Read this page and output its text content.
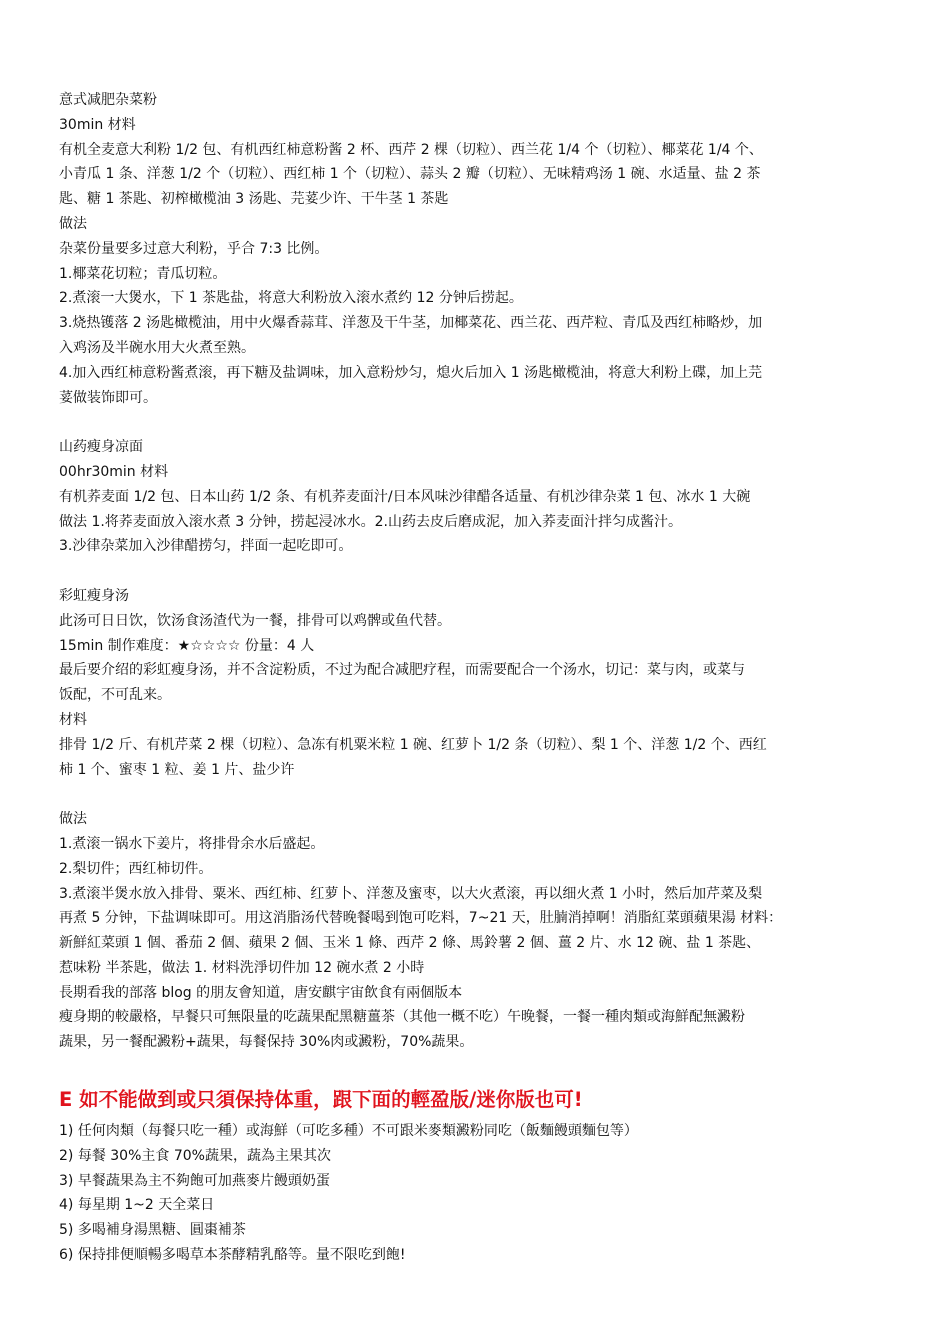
意式减肥杂菜粉
30min 材料
有机全麦意大利粉 1/2 包、有机西红柿意粉酱 2 杯、西芹 2 棵（切粒）、西兰花 1/4 个（切粒）、椰菜花 1/4 个、
小青瓜 1 条、洋葱 1/2 个（切粒）、西红柿 1 个（切粒）、蒜头 2 瓣（切粒）、无味精鸡汤 1 碗、水适量、盐 2 茶
匙、糖 1 茶匙、初榨橄榄油 3 汤匙、芫荽少许、干牛茎 1 茶匙
做法
杂菜份量要多过意大利粉，乎合 7:3 比例。
1.椰菜花切粒；青瓜切粒。
2.煮滚一大煲水，下 1 茶匙盐，将意大利粉放入滚水煮约 12 分钟后捞起。
3.烧热镬落 2 汤匙橄榄油，用中火爆香蒜茸、洋葱及干牛茎，加椰菜花、西兰花、西芹粒、青瓜及西红柿略炒，加
入鸡汤及半碗水用大火煮至熟。
4.加入西红柿意粉酱煮滚，再下糖及盐调味，加入意粉炒匀，熄火后加入 1 汤匙橄榄油，将意大利粉上碟，加上芫
荽做装饰即可。
山药瘦身凉面
00hr30min 材料
有机荞麦面 1/2 包、日本山药 1/2 条、有机荞麦面汁/日本风味沙律醋各适量、有机沙律杂菜 1 包、冰水 1 大碗
做法 1.将荞麦面放入滚水煮 3 分钟，捞起浸冰水。2.山药去皮后磨成泥，加入荞麦面汁拌匀成酱汁。
3.沙律杂菜加入沙律醋捞匀，拌面一起吃即可。
彩虹瘦身汤
此汤可日日饮，饮汤食汤渣代为一餐，排骨可以鸡髀或鱼代替。
15min 制作难度：★☆☆☆☆ 份量：4 人
最后要介绍的彩虹瘦身汤，并不含淀粉质，不过为配合减肥疗程，而需要配合一个汤水，切记：菜与肉，或菜与
饭配，不可乱来。
材料
排骨 1/2 斤、有机芹菜 2 棵（切粒）、急冻有机粟米粒 1 碗、红萝卜 1/2 条（切粒）、梨 1 个、洋葱 1/2 个、西红
柿 1 个、蜜枣 1 粒、姜 1 片、盐少许
做法
1.煮滚一锅水下姜片，将排骨余水后盛起。
2.梨切件；西红柿切件。
3.煮滚半煲水放入排骨、粟米、西红柿、红萝卜、洋葱及蜜枣，以大火煮滚，再以细火煮 1 小时，然后加芹菜及梨
再煮 5 分钟，下盐调味即可。用这消脂汤代替晚餐喝到饱可吃料，7~21 天，肚腩消掉啊！消脂紅菜頭蘋果湯 材料：
新鮮紅菜頭 1 個、番茄 2 個、蘋果 2 個、玉米 1 條、西芹 2 條、馬鈴薯 2 個、薑 2 片、水 12 碗、盐 1 茶匙、
惹味粉 半茶匙，做法 1. 材料洗淨切件加 12 碗水煮 2 小時
長期看我的部落 blog 的朋友會知道，唐安麒宇宙飲食有兩個版本
瘦身期的較嚴格，早餐只可無限量的吃蔬果配黑糖薑茶（其他一概不吃）午晚餐，一餐一種肉類或海鮮配無澱粉
蔬果，另一餐配澱粉+蔬果，每餐保持 30%肉或澱粉，70%蔬果。
E 如不能做到或只須保持体重，跟下面的輕盈版/迷你版也可!
1) 任何肉類（每餐只吃一種）或海鮮（可吃多種）不可跟米麥類澱粉同吃（飯麵饅頭麵包等）
2) 每餐 30%主食 70%蔬果，蔬為主果其次
3) 早餐蔬果為主不夠飽可加燕麥片饅頭奶蛋
4) 每星期 1~2 天全菜日
5) 多喝補身湯黑糖、圓棗補茶
6) 保持排便順暢多喝草本茶酵精乳酪等。量不限吃到飽!
